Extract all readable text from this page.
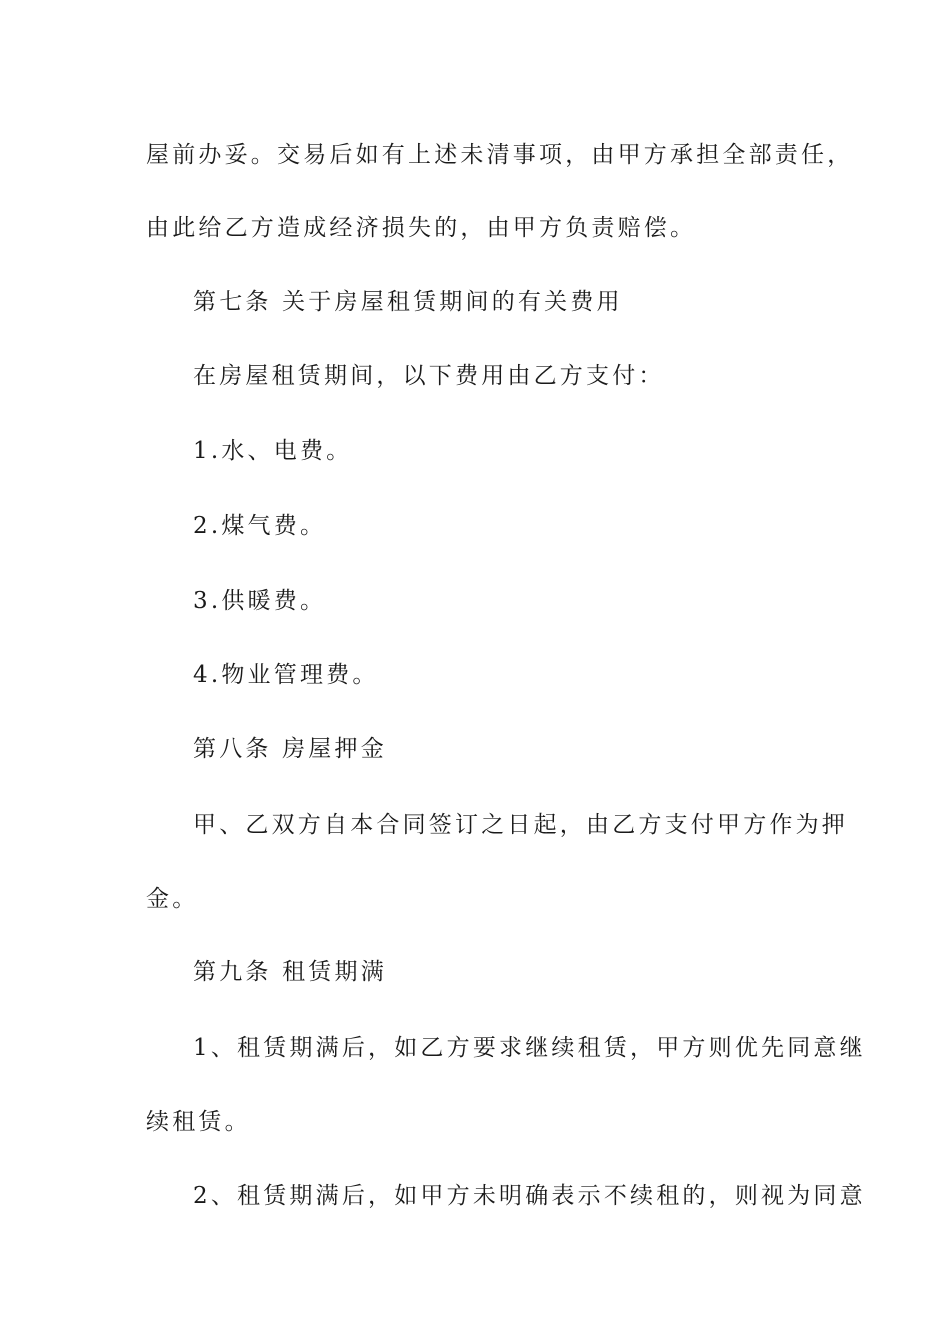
屋前办妥。交易后如有上述未清事项，由甲方承担全部责任，
由此给乙方造成经济损失的，由甲方负责赔偿。
第七条 关于房屋租赁期间的有关费用
在房屋租赁期间，以下费用由乙方支付：
1.水、电费。
2.煤气费。
3.供暖费。
4.物业管理费。
第八条 房屋押金
甲、乙双方自本合同签订之日起，由乙方支付甲方作为押
金。
第九条 租赁期满
1、租赁期满后，如乙方要求继续租赁，甲方则优先同意继
续租赁。
2、租赁期满后，如甲方未明确表示不续租的，则视为同意
